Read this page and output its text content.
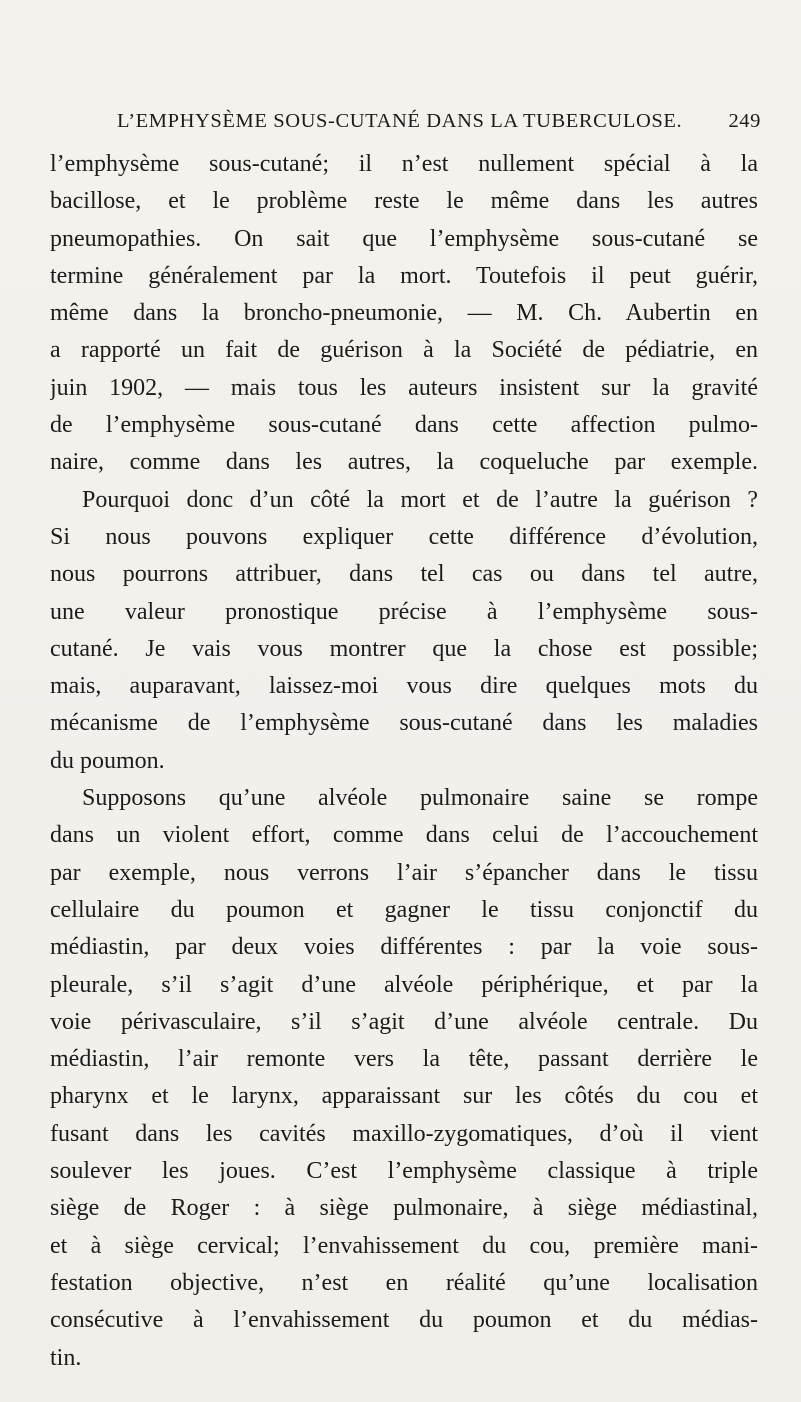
L’EMPHYSÈME SOUS-CUTANÉ DANS LA TUBERCULOSE. 249
l’emphysème sous-cutané; il n’est nullement spécial à la
bacillose, et le problème reste le même dans les autres
pneumopathies. On sait que l’emphysème sous-cutané se
termine généralement par la mort. Toutefois il peut guérir,
même dans la broncho-pneumonie, — M. Ch. Aubertin en
a rapporté un fait de guérison à la Société de pédiatrie, en
juin 1902, — mais tous les auteurs insistent sur la gravité
de l’emphysème sous-cutané dans cette affection pulmo-
naire, comme dans les autres, la coqueluche par exemple.
Pourquoi donc d’un côté la mort et de l’autre la guérison ?
Si nous pouvons expliquer cette différence d’évolution,
nous pourrons attribuer, dans tel cas ou dans tel autre,
une valeur pronostique précise à l’emphysème sous-
cutané. Je vais vous montrer que la chose est possible;
mais, auparavant, laissez-moi vous dire quelques mots du
mécanisme de l’emphysème sous-cutané dans les maladies
du poumon.
Supposons qu’une alvéole pulmonaire saine se rompe
dans un violent effort, comme dans celui de l’accouchement
par exemple, nous verrons l’air s’épancher dans le tissu
cellulaire du poumon et gagner le tissu conjonctif du
médiastin, par deux voies différentes : par la voie sous-
pleurale, s’il s’agit d’une alvéole périphérique, et par la
voie périvasculaire, s’il s’agit d’une alvéole centrale. Du
médiastin, l’air remonte vers la tête, passant derrière le
pharynx et le larynx, apparaissant sur les côtés du cou et
fusant dans les cavités maxillo-zygomatiques, d’où il vient
soulever les joues. C’est l’emphysème classique à triple
siège de Roger : à siège pulmonaire, à siège médiastinal,
et à siège cervical; l’envahissement du cou, première mani-
festation objective, n’est en réalité qu’une localisation
consécutive à l’envahissement du poumon et du médias-
tin.
